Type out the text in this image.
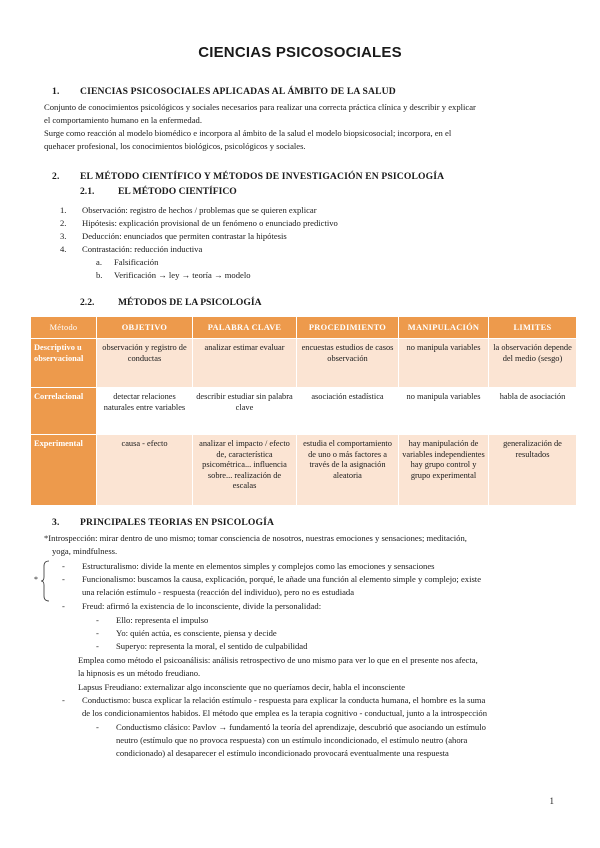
CIENCIAS PSICOSOCIALES
1. CIENCIAS PSICOSOCIALES APLICADAS AL ÁMBITO DE LA SALUD
Conjunto de conocimientos psicológicos y sociales necesarios para realizar una correcta práctica clínica y describir y explicar
el comportamiento humano en la enfermedad.
Surge como reacción al modelo biomédico e incorpora al ámbito de la salud el modelo biopsicosocial; incorpora, en el
quehacer profesional, los conocimientos biológicos, psicológicos y sociales.
2. EL MÉTODO CIENTÍFICO Y MÉTODOS DE INVESTIGACIÓN EN PSICOLOGÍA
2.1. EL MÉTODO CIENTÍFICO
1. Observación: registro de hechos / problemas que se quieren explicar
2. Hipótesis: explicación provisional de un fenómeno o enunciado predictivo
3. Deducción: enunciados que permiten contrastar la hipótesis
4. Contrastación: reducción inductiva
a. Falsificación
b. Verificación → ley → teoría → modelo
2.2. MÉTODOS DE LA PSICOLOGÍA
Método	OBJETIVO	PALABRA CLAVE	PROCEDIMIENTO	MANIPULACIÓN	LIMITES
Descriptivo u observacional	observación y registro de conductas	analizar estimar evaluar	encuestas estudios de casos observación	no manipula variables	la observación depende del medio (sesgo)
Correlacional	detectar relaciones naturales entre variables	describir estudiar sin palabra clave	asociación estadística	no manipula variables	habla de asociación
Experimental	causa - efecto	analizar el impacto / efecto de, característica psicométrica... influencia sobre... realización de escalas	estudia el comportamiento de uno o más factores a través de la asignación aleatoria	hay manipulación de variables independientes hay grupo control y grupo experimental	generalización de resultados
3. PRINCIPALES TEORIAS EN PSICOLOGÍA
*Introspección: mirar dentro de uno mismo; tomar consciencia de nosotros, nuestras emociones y sensaciones; meditación,
yoga, mindfulness.
*
- Estructuralismo: divide la mente en elementos simples y complejos como las emociones y sensaciones
- Funcionalismo: buscamos la causa, explicación, porqué, le añade una función al elemento simple y complejo; existe
una relación estímulo - respuesta (reacción del individuo), pero no es estudiada
- Freud: afirmó la existencia de lo inconsciente, divide la personalidad:
- Ello: representa el impulso
- Yo: quién actúa, es consciente, piensa y decide
- Superyo: representa la moral, el sentido de culpabilidad
Emplea como método el psicoanálisis: análisis retrospectivo de uno mismo para ver lo que en el presente nos afecta,
la hipnosis es un método freudiano.
Lapsus Freudiano: externalizar algo inconsciente que no queríamos decir, habla el inconsciente
- Conductismo: busca explicar la relación estímulo - respuesta para explicar la conducta humana, el hombre es la suma
de los condicionamientos habidos. El método que emplea es la terapia cognitivo - conductual, junto a la introspección
- Conductismo clásico: Pavlov → fundamentó la teoría del aprendizaje, descubrió que asociando un estímulo
neutro (estímulo que no provoca respuesta) con un estímulo incondicionado, el estímulo neutro (ahora
condicionado) al desaparecer el estímulo incondicionado provocará eventualmente una respuesta
1
